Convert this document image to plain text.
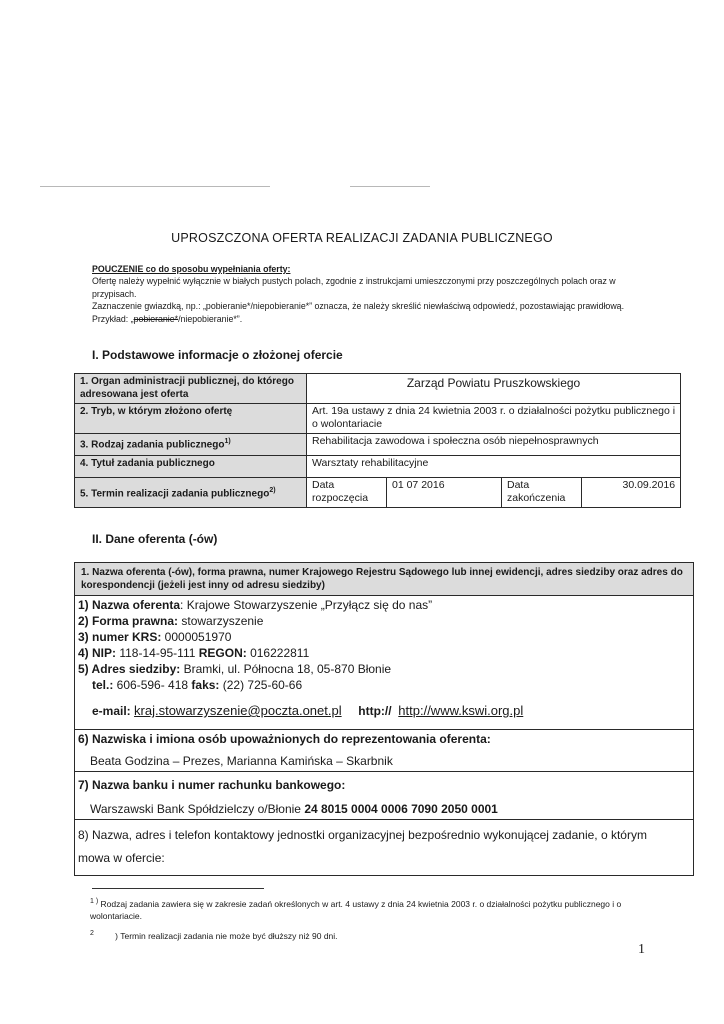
UPROSZCZONA OFERTA REALIZACJI ZADANIA PUBLICZNEGO
POUCZENIE co do sposobu wypełniania oferty:
Ofertę należy wypełnić wyłącznie w białych pustych polach, zgodnie z instrukcjami umieszczonymi przy poszczególnych polach oraz w przypisach.
Zaznaczenie gwiazdką, np.: „pobieranie*/niepobieranie*” oznacza, że należy skreślić niewłaściwą odpowiedź, pozostawiając prawidłową. Przykład: „pobieranie*/niepobieranie*”.
I. Podstawowe informacje o złożonej ofercie
1. Organ administracji publicznej, do którego adresowana jest oferta	Zarząd Powiatu Pruszkowskiego			
2. Tryb, w którym złożono ofertę	Art. 19a ustawy z dnia 24 kwietnia 2003 r. o działalności pożytku publicznego i o wolontariacie			
3. Rodzaj zadania publicznego$^{1)}$	Rehabilitacja zawodowa i społeczna osób niepełnosprawnych			
4. Tytuł zadania publicznego	Warsztaty rehabilitacyjne			
5. Termin realizacji zadania publicznego$^{2)}$	Data rozpoczęcia	01 07 2016	Data zakończenia	30.09.2016
II. Dane oferenta (-ów)
1. Nazwa oferenta (-ów), forma prawna, numer Krajowego Rejestru Sądowego lub innej ewidencji, adres siedziby oraz adres do korespondencji (jeżeli jest inny od adresu siedziby)
1) Nazwa oferenta: Krajowe Stowarzyszenie „Przyłącz się do nas”
2) Forma prawna: stowarzyszenie
3) numer KRS: 0000051970
4) NIP: 118-14-95-111 REGON: 016222811
5) Adres siedziby: Bramki, ul. Północna 18, 05-870 Błonie
tel.: 606-596- 418 faks: (22) 725-60-66
e-mail: kraj.stowarzyszenie@poczta.onet.pl http:// http://www.kswi.org.pl
6) Nazwiska i imiona osób upoważnionych do reprezentowania oferenta:
Beata Godzina – Prezes, Marianna Kamińska – Skarbnik
7) Nazwa banku i numer rachunku bankowego:
Warszawski Bank Spółdzielczy o/Błonie 24 8015 0004 0006 7090 2050 0001
8) Nazwa, adres i telefon kontaktowy jednostki organizacyjnej bezpośrednio wykonującej zadanie, o którym
mowa w ofercie:
$^{1 )}$ Rodzaj zadania zawiera się w zakresie zadań określonych w art. 4 ustawy z dnia 24 kwietnia 2003 r. o działalności pożytku publicznego i o wolontariacie.
$^2$	) Termin realizacji zadania nie może być dłuższy niż 90 dni.
1
